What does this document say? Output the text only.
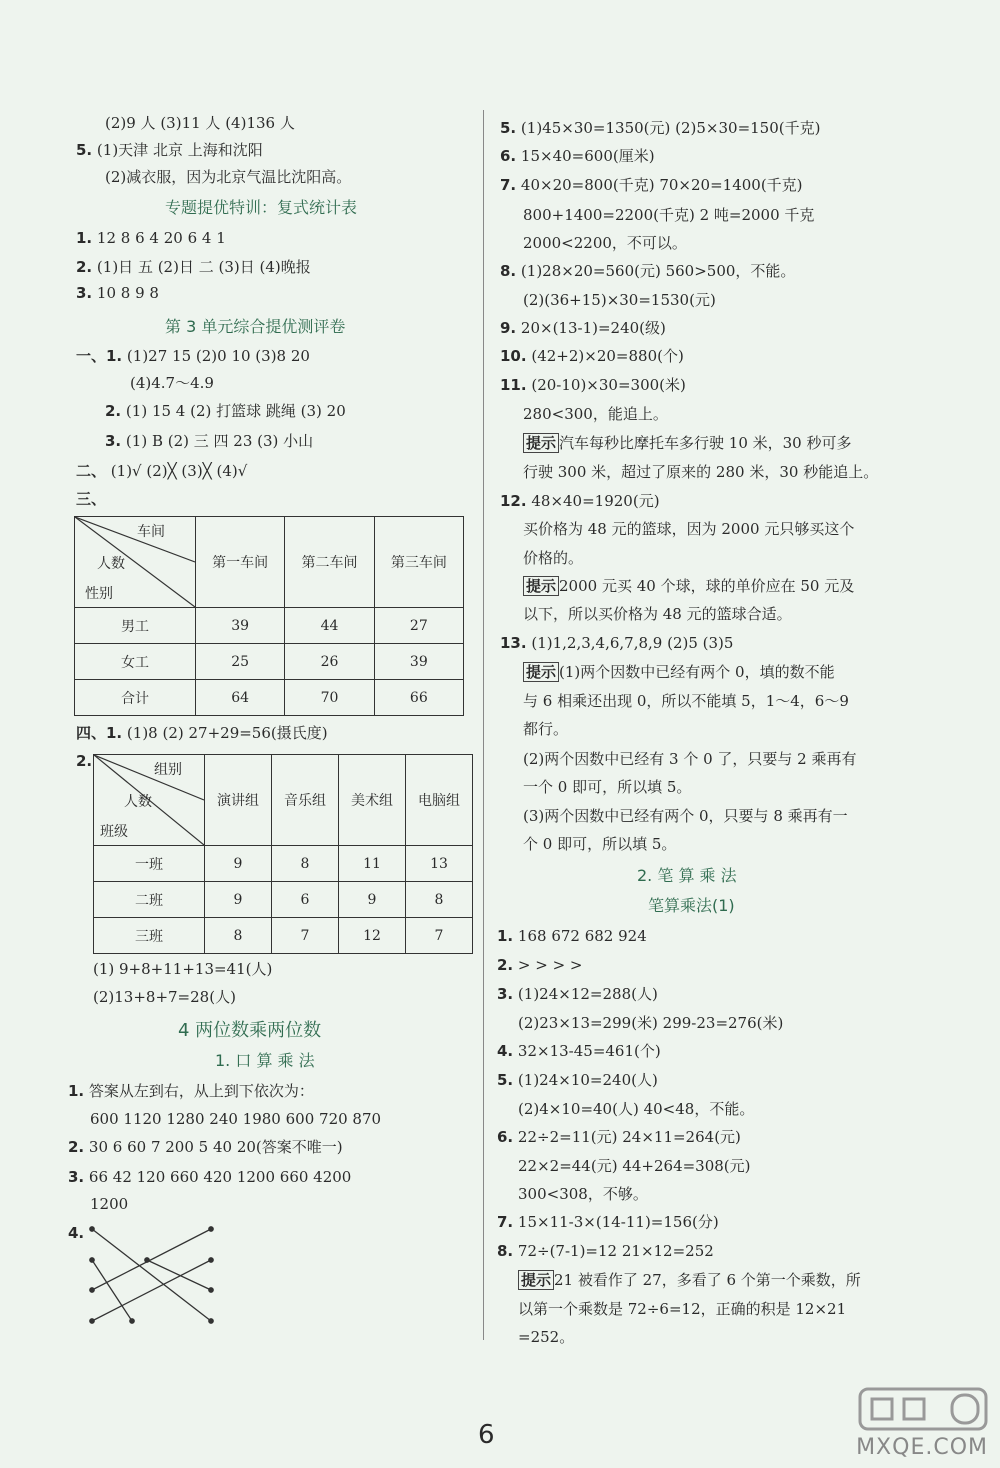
(2)9 人 (3)11 人 (4)136 人
5. (1)天津 北京 上海和沈阳
(2)减衣服，因为北京气温比沈阳高。
专题提优特训：复式统计表
1. 12 8 6 4 20 6 4 1
2. (1)日 五 (2)日 二 (3)日 (4)晚报
3. 10 8 9 8
第 3 单元综合提优测评卷
一、1. (1)27 15 (2)0 10 (3)8 20
(4)4.7～4.9
2. (1) 15 4 (2) 打篮球 跳绳 (3) 20
3. (1) B (2) 三 四 23 (3) 小山
二、 (1)√ (2)╳ (3)╳ (4)√
三、
车间
人数
性别	第一车间	第二车间	第三车间
男工	39	44	27
女工	25	26	39
合计	64	70	66
四、1. (1)8 (2) 27+29=56(摄氏度)
2.	组别
人数
班级	演讲组	音乐组	美术组	电脑组
一班	9	8	11	13
二班	9	6	9	8
三班	8	7	12	7
(1) 9+8+11+13=41(人)
(2)13+8+7=28(人)
4 两位数乘两位数
1. 口 算 乘 法
1. 答案从左到右，从上到下依次为：
600 1120 1280 240 1980 600 720 870
2. 30 6 60 7 200 5 40 20(答案不唯一)
3. 66 42 120 660 420 1200 660 4200
1200
4.
5. (1)45×30=1350(元) (2)5×30=150(千克)
6. 15×40=600(厘米)
7. 40×20=800(千克) 70×20=1400(千克)
800+1400=2200(千克) 2 吨=2000 千克
2000<2200，不可以。
8. (1)28×20=560(元) 560>500，不能。
(2)(36+15)×30=1530(元)
9. 20×(13-1)=240(级)
10. (42+2)×20=880(个)
11. (20-10)×30=300(米)
280<300，能追上。
提示 汽车每秒比摩托车多行驶 10 米，30 秒可多
行驶 300 米，超过了原来的 280 米，30 秒能追上。
12. 48×40=1920(元)
买价格为 48 元的篮球，因为 2000 元只够买这个
价格的。
提示 2000 元买 40 个球，球的单价应在 50 元及
以下，所以买价格为 48 元的篮球合适。
13. (1)1,2,3,4,6,7,8,9 (2)5 (3)5
提示 (1)两个因数中已经有两个 0，填的数不能
与 6 相乘还出现 0，所以不能填 5，1～4，6～9
都行。
(2)两个因数中已经有 3 个 0 了，只要与 2 乘再有
一个 0 即可，所以填 5。
(3)两个因数中已经有两个 0，只要与 8 乘再有一
个 0 即可，所以填 5。
2. 笔 算 乘 法
笔算乘法(1)
1. 168 672 682 924
2. > > > >
3. (1)24×12=288(人)
(2)23×13=299(米) 299-23=276(米)
4. 32×13-45=461(个)
5. (1)24×10=240(人)
(2)4×10=40(人) 40<48，不能。
6. 22÷2=11(元) 24×11=264(元)
22×2=44(元) 44+264=308(元)
300<308，不够。
7. 15×11-3×(14-11)=156(分)
8. 72÷(7-1)=12 21×12=252
提示 21 被看作了 27，多看了 6 个第一个乘数，所
以第一个乘数是 72÷6=12，正确的积是 12×21
=252。
6	MXQE.COM
